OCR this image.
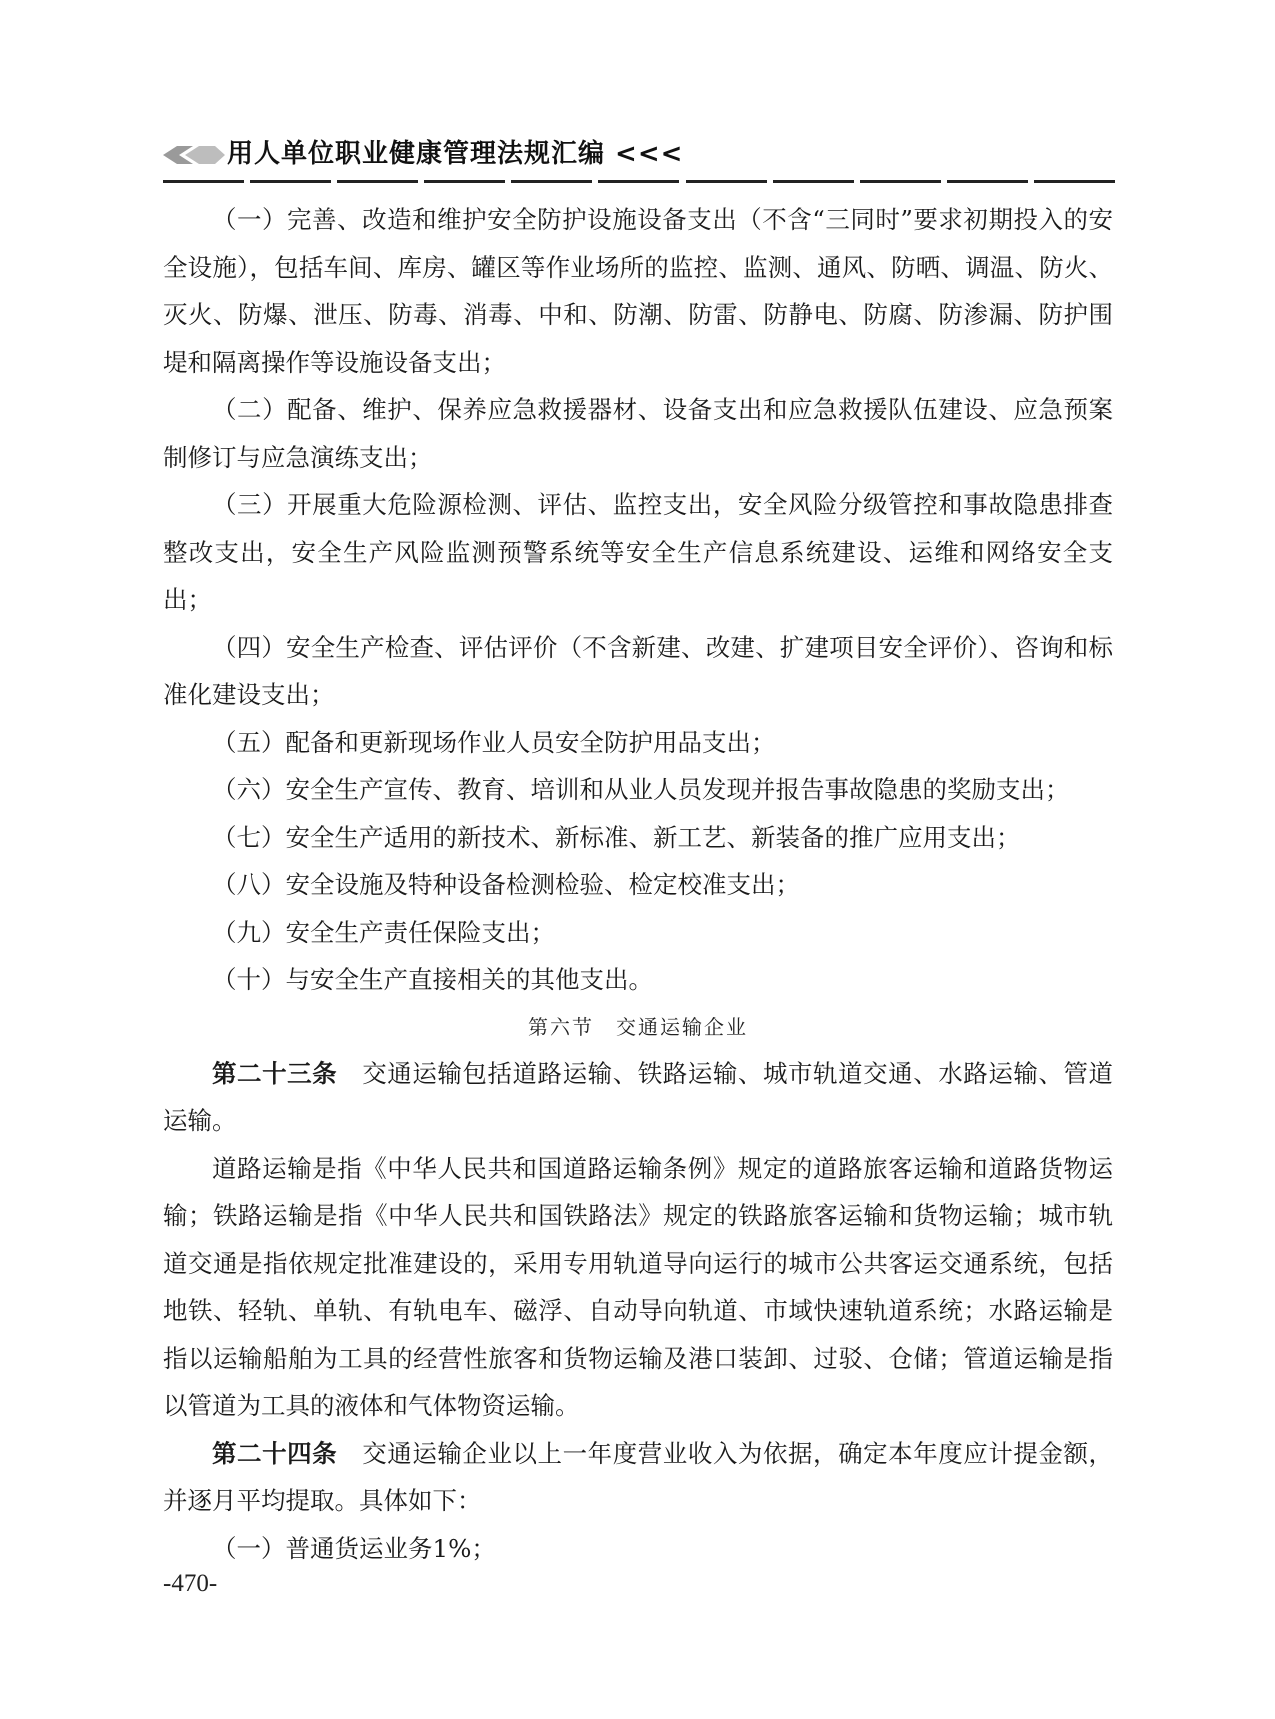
用人单位职业健康管理法规汇编 <<<

（一）完善、改造和维护安全防护设施设备支出（不含“三同时”要求初期投入的安全设施），包括车间、库房、罐区等作业场所的监控、监测、通风、防晒、调温、防火、灭火、防爆、泄压、防毒、消毒、中和、防潮、防雷、防静电、防腐、防渗漏、防护围堤和隔离操作等设施设备支出；

（二）配备、维护、保养应急救援器材、设备支出和应急救援队伍建设、应急预案制修订与应急演练支出；

（三）开展重大危险源检测、评估、监控支出，安全风险分级管控和事故隐患排查整改支出，安全生产风险监测预警系统等安全生产信息系统建设、运维和网络安全支出；

（四）安全生产检查、评估评价（不含新建、改建、扩建项目安全评价）、咨询和标准化建设支出；

（五）配备和更新现场作业人员安全防护用品支出；

（六）安全生产宣传、教育、培训和从业人员发现并报告事故隐患的奖励支出；

（七）安全生产适用的新技术、新标准、新工艺、新装备的推广应用支出；

（八）安全设施及特种设备检测检验、检定校准支出；

（九）安全生产责任保险支出；

（十）与安全生产直接相关的其他支出。

第六节　交通运输企业

第二十三条　交通运输包括道路运输、铁路运输、城市轨道交通、水路运输、管道运输。

道路运输是指《中华人民共和国道路运输条例》规定的道路旅客运输和道路货物运输；铁路运输是指《中华人民共和国铁路法》规定的铁路旅客运输和货物运输；城市轨道交通是指依规定批准建设的，采用专用轨道导向运行的城市公共客运交通系统，包括地铁、轻轨、单轨、有轨电车、磁浮、自动导向轨道、市域快速轨道系统；水路运输是指以运输船舶为工具的经营性旅客和货物运输及港口装卸、过驳、仓储；管道运输是指以管道为工具的液体和气体物资运输。

第二十四条　交通运输企业以上一年度营业收入为依据，确定本年度应计提金额，并逐月平均提取。具体如下：

（一）普通货运业务1%；

-470-
